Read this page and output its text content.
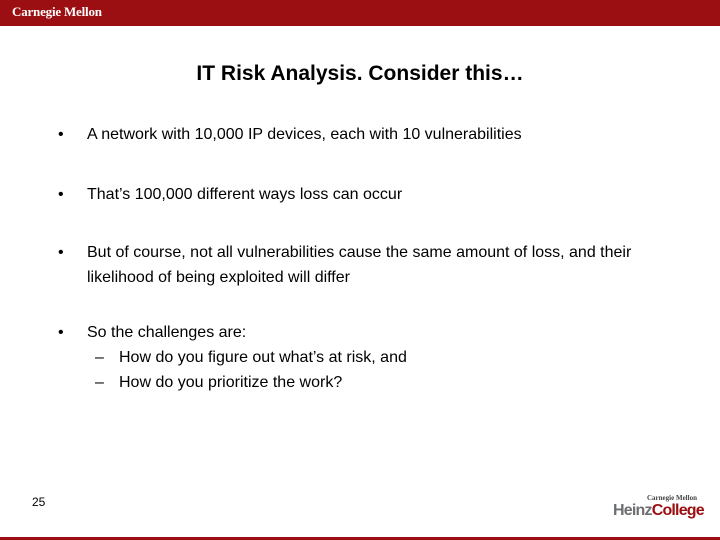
Carnegie Mellon
IT Risk Analysis. Consider this…
•	A network with 10,000 IP devices, each with 10 vulnerabilities
•	That’s 100,000 different ways loss can occur
•	But of course, not all vulnerabilities cause the same amount of loss, and their likelihood of being exploited will differ
•	So the challenges are:
– How do you figure out what’s at risk, and
– How do you prioritize the work?
25	Carnegie Mellon
HeinzCollege
